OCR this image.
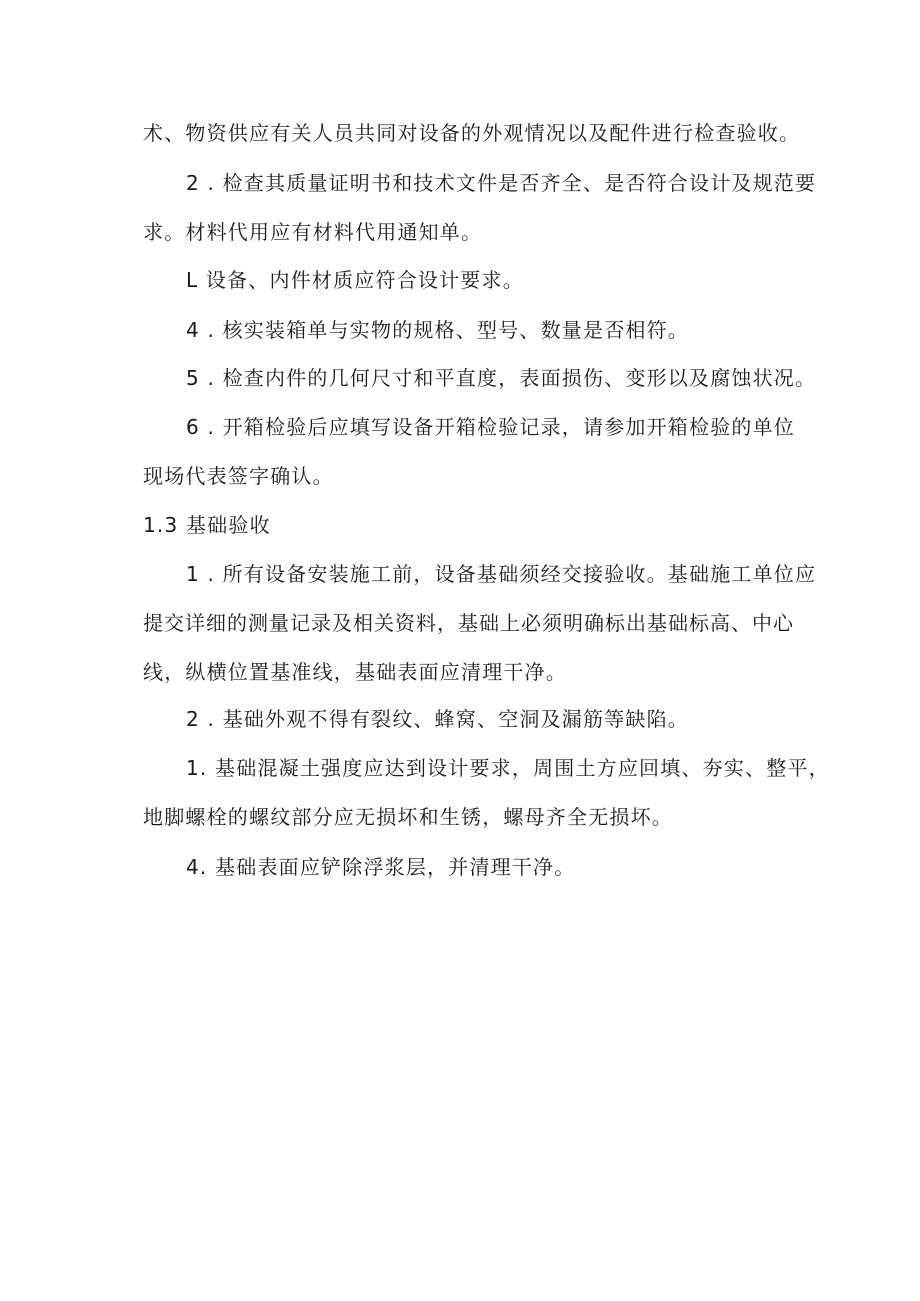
术、物资供应有关人员共同对设备的外观情况以及配件进行检查验收。
2 . 检查其质量证明书和技术文件是否齐全、是否符合设计及规范要
求。材料代用应有材料代用通知单。
L 设备、内件材质应符合设计要求。
4 . 核实装箱单与实物的规格、型号、数量是否相符。
5 . 检查内件的几何尺寸和平直度，表面损伤、变形以及腐蚀状况。
6 . 开箱检验后应填写设备开箱检验记录，请参加开箱检验的单位
现场代表签字确认。
1.3 基础验收
1 . 所有设备安装施工前，设备基础须经交接验收。基础施工单位应
提交详细的测量记录及相关资料，基础上必须明确标出基础标高、中心
线，纵横位置基准线，基础表面应清理干净。
2 . 基础外观不得有裂纹、蜂窝、空洞及漏筋等缺陷。
1. 基础混凝土强度应达到设计要求，周围土方应回填、夯实、整平，
地脚螺栓的螺纹部分应无损坏和生锈，螺母齐全无损坏。
4. 基础表面应铲除浮浆层，并清理干净。
